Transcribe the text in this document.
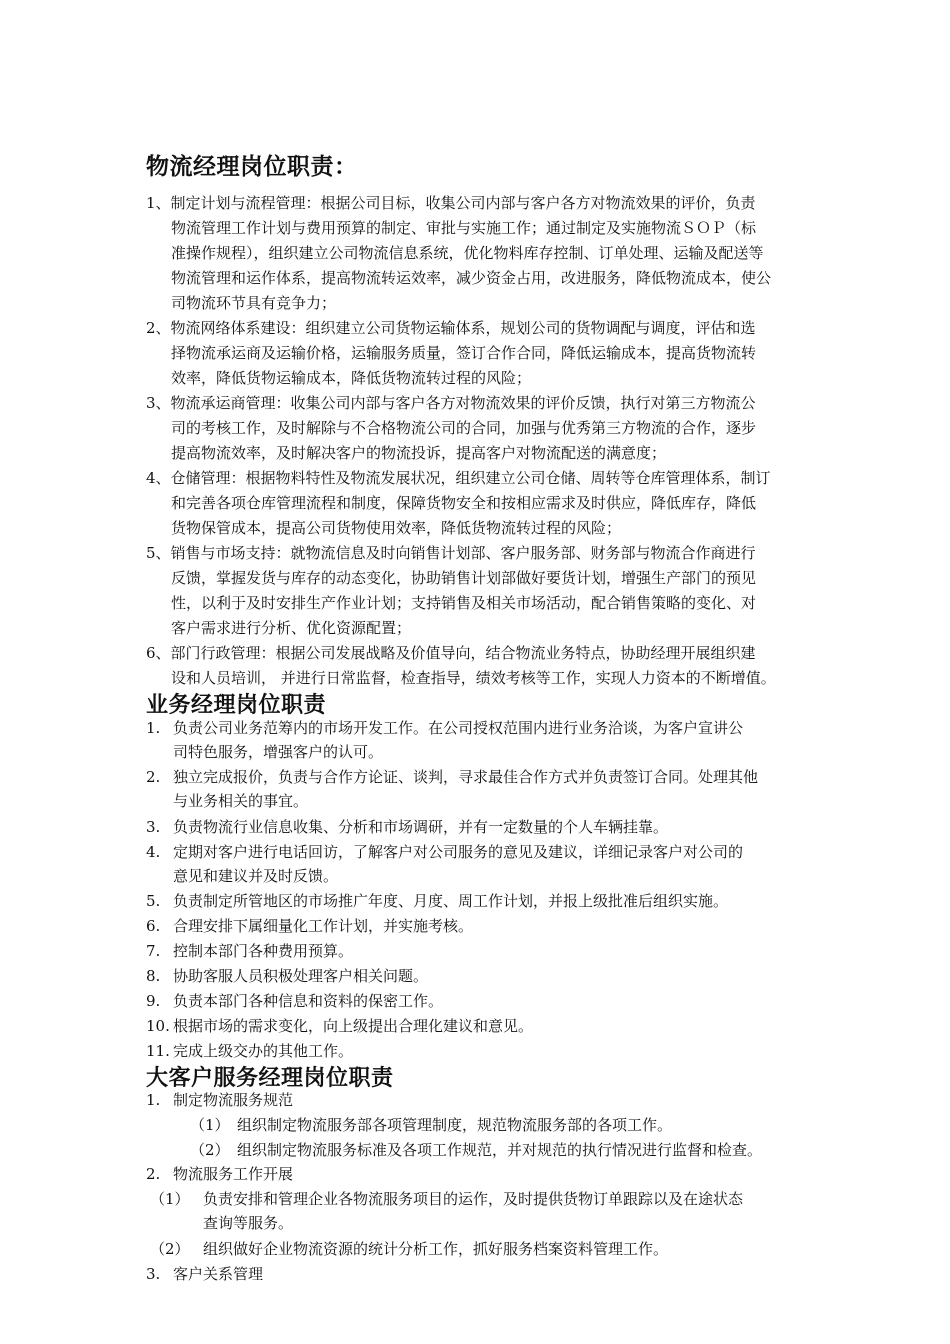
物流经理岗位职责：
1、制定计划与流程管理：根据公司目标，收集公司内部与客户各方对物流效果的评价，负责
物流管理工作计划与费用预算的制定、审批与实施工作；通过制定及实施物流ＳＯＰ（标
准操作规程），组织建立公司物流信息系统，优化物料库存控制、订单处理、运输及配送等
物流管理和运作体系，提高物流转运效率，减少资金占用，改进服务，降低物流成本，使公
司物流环节具有竞争力；
2、物流网络体系建设：组织建立公司货物运输体系，规划公司的货物调配与调度，评估和选
择物流承运商及运输价格，运输服务质量，签订合作合同，降低运输成本，提高货物流转
效率，降低货物运输成本，降低货物流转过程的风险；
3、物流承运商管理：收集公司内部与客户各方对物流效果的评价反馈，执行对第三方物流公
司的考核工作，及时解除与不合格物流公司的合同，加强与优秀第三方物流的合作，逐步
提高物流效率，及时解决客户的物流投诉，提高客户对物流配送的满意度；
4、仓储管理：根据物料特性及物流发展状况，组织建立公司仓储、周转等仓库管理体系，制订
和完善各项仓库管理流程和制度，保障货物安全和按相应需求及时供应，降低库存，降低
货物保管成本，提高公司货物使用效率，降低货物流转过程的风险；
5、销售与市场支持：就物流信息及时向销售计划部、客户服务部、财务部与物流合作商进行
反馈，掌握发货与库存的动态变化，协助销售计划部做好要货计划，增强生产部门的预见
性，以利于及时安排生产作业计划；支持销售及相关市场活动，配合销售策略的变化、对
客户需求进行分析、优化资源配置；
6、部门行政管理：根据公司发展战略及价值导向，结合物流业务特点，协助经理开展组织建
设和人员培训， 并进行日常监督，检查指导，绩效考核等工作，实现人力资本的不断增值。
业务经理岗位职责
1. 负责公司业务范筹内的市场开发工作。在公司授权范围内进行业务洽谈，为客户宣讲公
司特色服务，增强客户的认可。
2. 独立完成报价，负责与合作方论证、谈判，寻求最佳合作方式并负责签订合同。处理其他
与业务相关的事宜。
3. 负责物流行业信息收集、分析和市场调研，并有一定数量的个人车辆挂靠。
4. 定期对客户进行电话回访，了解客户对公司服务的意见及建议，详细记录客户对公司的
意见和建议并及时反馈。
5. 负责制定所管地区的市场推广年度、月度、周工作计划，并报上级批准后组织实施。
6. 合理安排下属细量化工作计划，并实施考核。
7. 控制本部门各种费用预算。
8. 协助客服人员积极处理客户相关问题。
9. 负责本部门各种信息和资料的保密工作。
10. 根据市场的需求变化，向上级提出合理化建议和意见。
11. 完成上级交办的其他工作。
大客户服务经理岗位职责
1. 制定物流服务规范
（1） 组织制定物流服务部各项管理制度，规范物流服务部的各项工作。
（2） 组织制定物流服务标准及各项工作规范，并对规范的执行情况进行监督和检查。
2. 物流服务工作开展
（1） 负责安排和管理企业各物流服务项目的运作，及时提供货物订单跟踪以及在途状态
查询等服务。
（2） 组织做好企业物流资源的统计分析工作，抓好服务档案资料管理工作。
3. 客户关系管理
